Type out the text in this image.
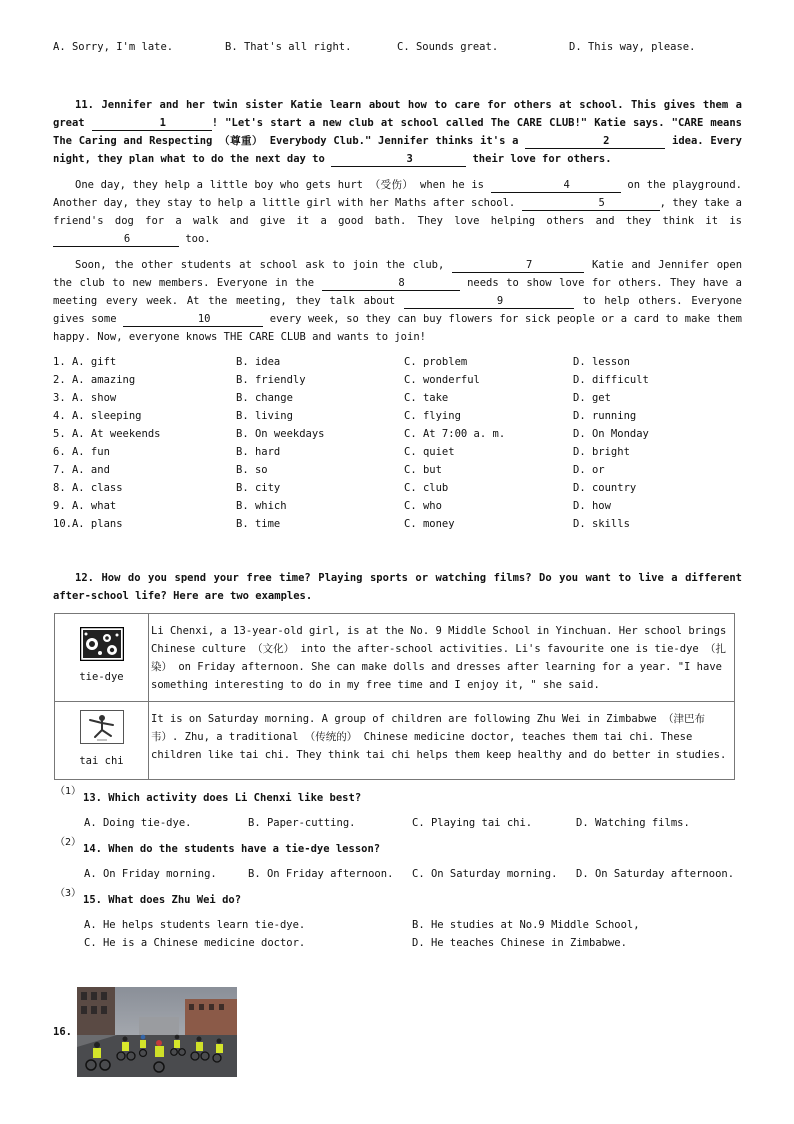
A. Sorry, I'm late.	B. That's all right.	C. Sounds great.	D. This way, please.
11. Jennifer and her twin sister Katie learn about how to care for others at school. This gives them a great	1	! "Let's start a new club at school called The CARE CLUB!" Katie says. "CARE means The Caring and Respecting （尊重） Everybody Club." Jennifer thinks it's a	2	idea. Every night, they plan what to do the next day to	3	their love for others.
One day, they help a little boy who gets hurt （受伤） when he is	4	on the playground. Another day, they stay to help a little girl with her Maths after school.	5	, they take a friend's dog for a walk and give it a good bath. They love helping others and they think it is 6	too.
Soon, the other students at school ask to join the club,	7	Katie and Jennifer open the club to new members. Everyone in the	8	needs to show love for others. They have a meeting every week. At the meeting, they talk about	9	to help others. Everyone gives some	10	every week, so they can buy flowers for sick people or a card to make them happy. Now, everyone knows THE CARE CLUB and wants to join!
1. A. gift	B. idea	C. problem	D. lesson
2. A. amazing	B. friendly	C. wonderful	D. difficult
3. A. show	B. change	C. take	D. get
4. A. sleeping	B. living	C. flying	D. running
5. A. At weekends	B. On weekdays	C. At 7:00 a. m.	D. On Monday
6. A. fun	B. hard	C. quiet	D. bright
7. A. and	B. so	C. but	D. or
8. A. class	B. city	C. club	D. country
9. A. what	B. which	C. who	D. how
10.A. plans	B. time	C. money	D. skills
12. How do you spend your free time? Playing sports or watching films? Do you want to live a different after-school life? Here are two examples.
tie-dye	Li Chenxi, a 13-year-old girl, is at the No. 9 Middle School in Yinchuan. Her school brings Chinese culture （文化） into the after-school activities. Li's favourite one is tie-dye （扎染） on Friday afternoon. She can make dolls and dresses after learning for a year. "I have something interesting to do in my free time and I enjoy it, " she said.

tai chi	It is on Saturday morning. A group of children are following Zhu Wei in Zimbabwe （津巴布韦）. Zhu, a traditional （传统的） Chinese medicine doctor, teaches them tai chi. These children like tai chi. They think tai chi helps them keep healthy and do better in studies.
（1）
13. Which activity does Li Chenxi like best?
A. Doing tie-dye.	B. Paper-cutting.	C. Playing tai chi.	D. Watching films.
（2）
14. When do the students have a tie-dye lesson?
A. On Friday morning.	B. On Friday afternoon. C. On Saturday morning. D. On Saturday afternoon.
（3）
15. What does Zhu Wei do?
A. He helps students learn tie-dye.	B. He studies at No.9 Middle School,
C. He is a Chinese medicine doctor.	D. He teaches Chinese in Zimbabwe.
16.
